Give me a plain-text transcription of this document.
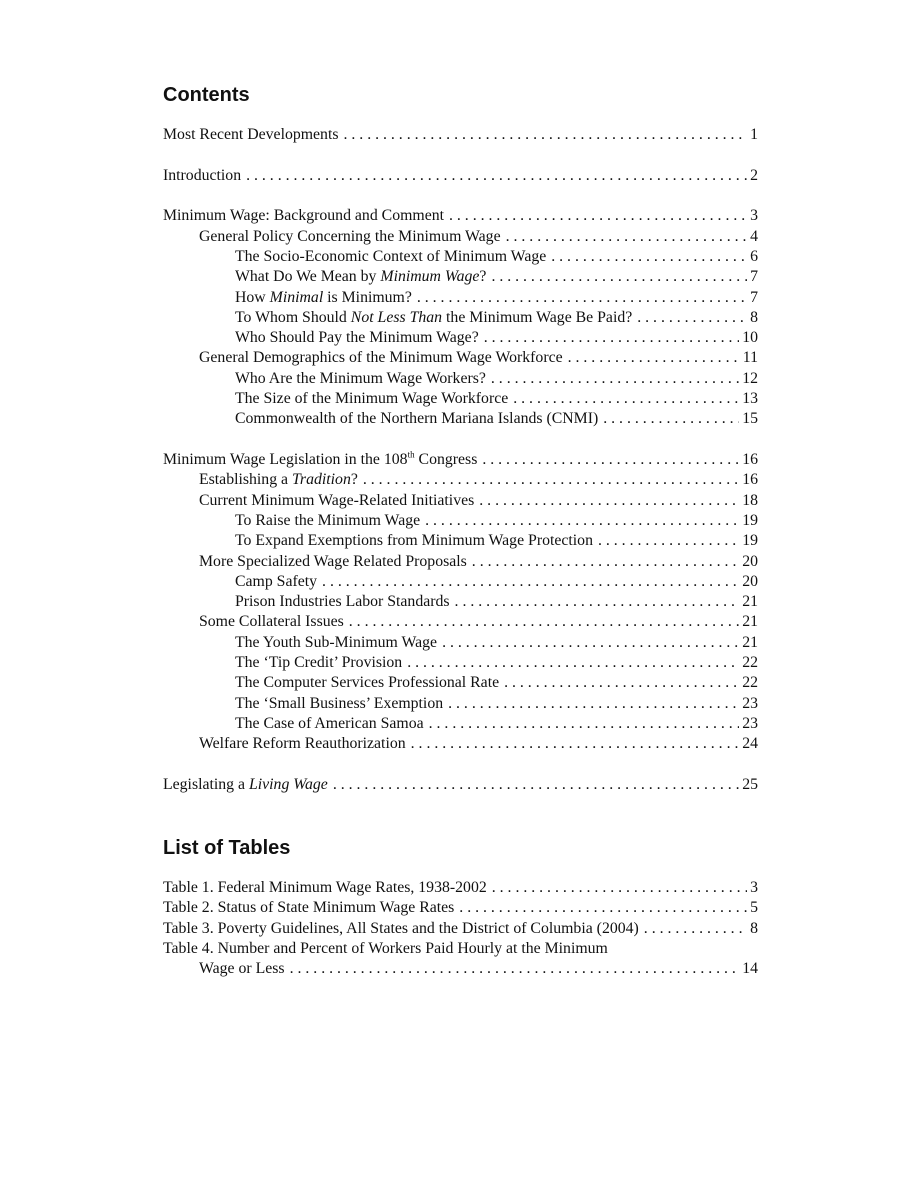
Contents
Most Recent Developments . . .	1
Introduction . . .	2
Minimum Wage: Background and Comment . . .	3
General Policy Concerning the Minimum Wage . . .	4
The Socio-Economic Context of Minimum Wage . . .	6
What Do We Mean by Minimum Wage? . . .	7
How Minimal is Minimum? . . .	7
To Whom Should Not Less Than the Minimum Wage Be Paid? . . .	8
Who Should Pay the Minimum Wage? . . .	10
General Demographics of the Minimum Wage Workforce . . .	11
Who Are the Minimum Wage Workers? . . .	12
The Size of the Minimum Wage Workforce . . .	13
Commonwealth of the Northern Mariana Islands (CNMI) . . .	15
Minimum Wage Legislation in the 108th Congress . . .	16
Establishing a Tradition? . . .	16
Current Minimum Wage-Related Initiatives . . .	18
To Raise the Minimum Wage . . .	19
To Expand Exemptions from Minimum Wage Protection . . .	19
More Specialized Wage Related Proposals . . .	20
Camp Safety . . .	20
Prison Industries Labor Standards . . .	21
Some Collateral Issues . . .	21
The Youth Sub-Minimum Wage . . .	21
The ‘Tip Credit’ Provision . . .	22
The Computer Services Professional Rate . . .	22
The ‘Small Business’ Exemption . . .	23
The Case of American Samoa . . .	23
Welfare Reform Reauthorization . . .	24
Legislating a Living Wage . . .	25
List of Tables
Table 1. Federal Minimum Wage Rates, 1938-2002 . . .	3
Table 2. Status of State Minimum Wage Rates . . .	5
Table 3. Poverty Guidelines, All States and the District of Columbia (2004) . . .	8
Table 4. Number and Percent of Workers Paid Hourly at the Minimum
Wage or Less . . .	14
